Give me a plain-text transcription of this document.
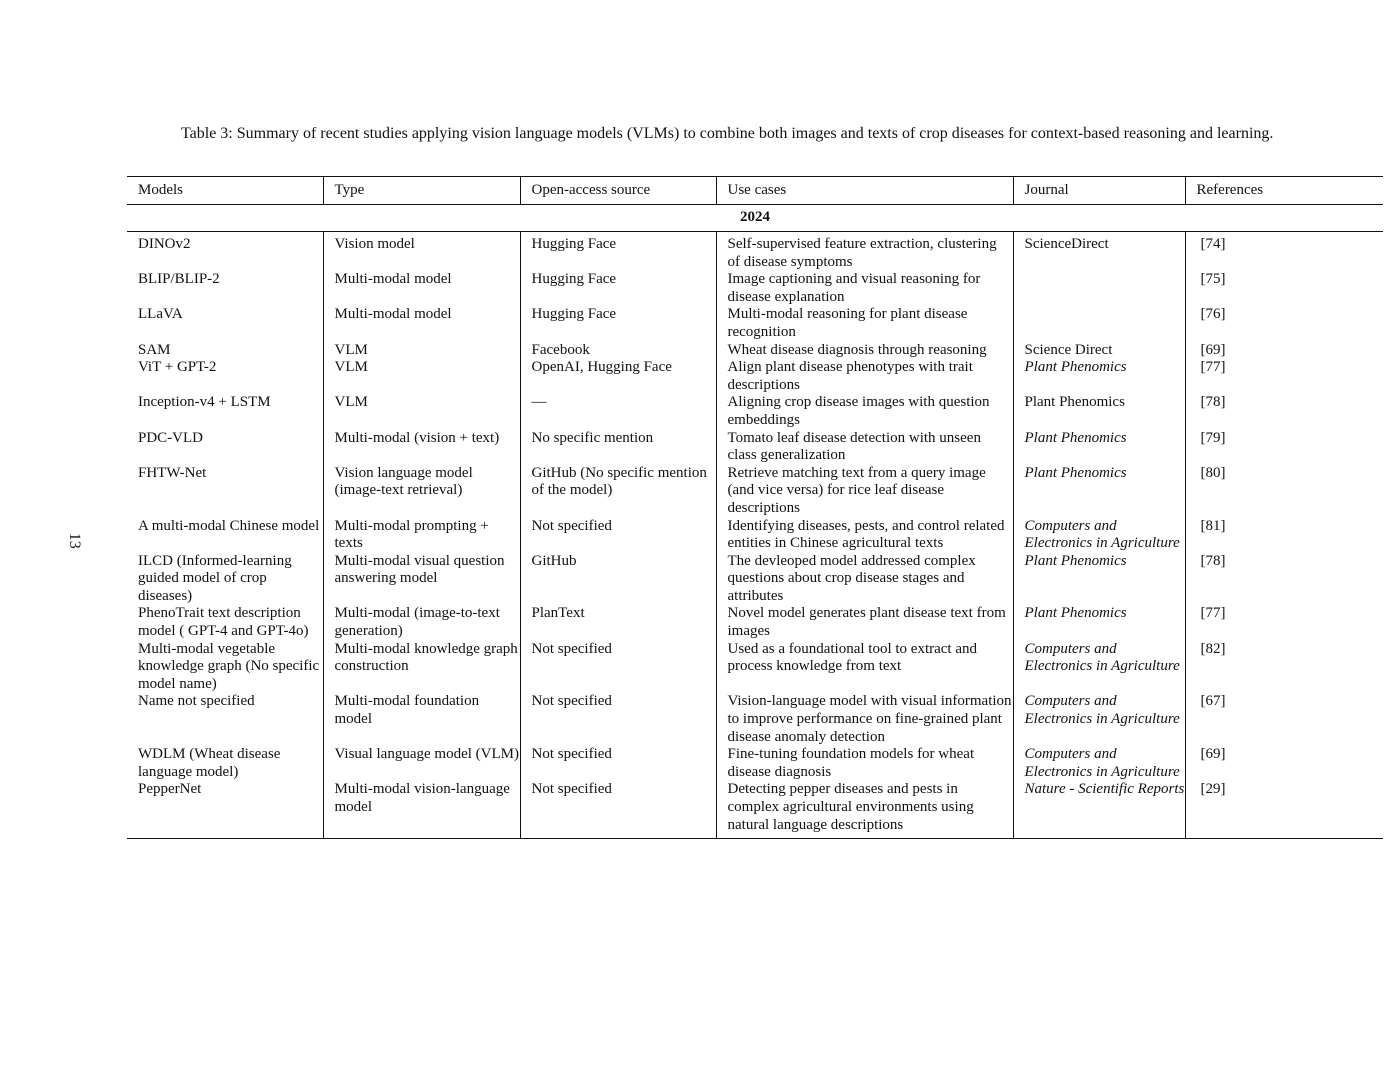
13
Table 3: Summary of recent studies applying vision language models (VLMs) to combine both images and texts of crop diseases for context-based reasoning and learning.
Models	Type	Open-access source	Use cases	Journal	References
2024					

DINOv2	Vision model	Hugging Face	Self-supervised feature extraction, clustering of disease symptoms	ScienceDirect	[74]
BLIP/BLIP-2	Multi-modal model	Hugging Face	Image captioning and visual reasoning for disease explanation		[75]
LLaVA	Multi-modal model	Hugging Face	Multi-modal reasoning for plant disease recognition		[76]
SAM	VLM	Facebook	Wheat disease diagnosis through reasoning	Science Direct	[69]
ViT + GPT-2	VLM	OpenAI, Hugging Face	Align plant disease phenotypes with trait descriptions	Plant Phenomics	[77]
Inception-v4 + LSTM	VLM	—	Aligning crop disease images with question embeddings	Plant Phenomics	[78]
PDC-VLD	Multi-modal (vision + text)	No specific mention	Tomato leaf disease detection with unseen class generalization	Plant Phenomics	[79]
FHTW-Net	Vision language model (image-text retrieval)	GitHub (No specific mention of the model)	Retrieve matching text from a query image (and vice versa) for rice leaf disease descriptions	Plant Phenomics	[80]
A multi-modal Chinese model	Multi-modal prompting + texts	Not specified	Identifying diseases, pests, and control related entities in Chinese agricultural texts	Computers and Electronics in Agriculture	[81]
ILCD (Informed-learning guided model of crop diseases)	Multi-modal visual question answering model	GitHub	The devleoped model addressed complex questions about crop disease stages and attributes	Plant Phenomics	[78]
PhenoTrait text description model ( GPT-4 and GPT-4o)	Multi-modal (image-to-text generation)	PlanText	Novel model generates plant disease text from images	Plant Phenomics	[77]
Multi-modal vegetable knowledge graph (No specific model name)	Multi-modal knowledge graph construction	Not specified	Used as a foundational tool to extract and process knowledge from text	Computers and Electronics in Agriculture	[82]
Name not specified	Multi-modal foundation model	Not specified	Vision-language model with visual information to improve performance on fine-grained plant disease anomaly detection	Computers and Electronics in Agriculture	[67]
WDLM (Wheat disease language model)	Visual language model (VLM)	Not specified	Fine-tuning foundation models for wheat disease diagnosis	Computers and Electronics in Agriculture	[69]
PepperNet	Multi-modal vision-language model	Not specified	Detecting pepper diseases and pests in complex agricultural environments using natural language descriptions	Nature - Scientific Reports	[29]
